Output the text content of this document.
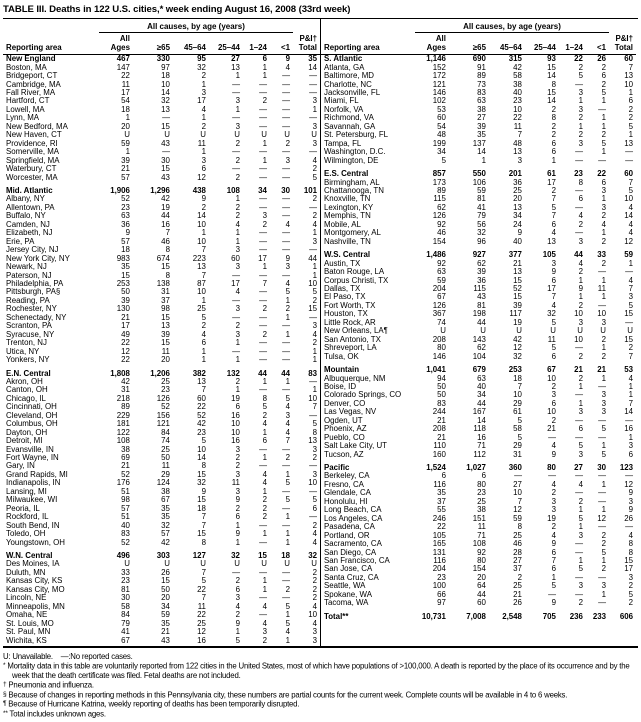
TABLE III. Deaths in 122 U.S. cities,* week ending August 16, 2008 (33rd week)
	All causes, by age (years)						
Reporting area	All
Ages	≥65	45–64	25–44	1–24	<1	P&I†
Total
New England	467	330	95	27	6	9	35
Boston, MA	147	97	32	13	1	4	14
Bridgeport, CT	22	18	2	1	1	—	—
Cambridge, MA	11	10	1	—	—	—	—
Fall River, MA	17	14	3	—	—	—	—
Hartford, CT	54	32	17	3	2	—	3
Lowell, MA	18	13	4	1	—	—	1
Lynn, MA	1	—	1	—	—	—	—
New Bedford, MA	20	15	2	3	—	—	3
New Haven, CT	U	U	U	U	U	U	U
Providence, RI	59	43	11	2	1	2	3
Somerville, MA	1	—	1	—	—	—	—
Springfield, MA	39	30	3	2	1	3	4
Waterbury, CT	21	15	6	—	—	—	2
Worcester, MA	57	43	12	2	—	—	5

Mid. Atlantic	1,906	1,296	438	108	34	30	101
Albany, NY	52	42	9	1	—	—	2
Allentown, PA	23	19	2	2	—	—	—
Buffalo, NY	63	44	14	2	3	—	2
Camden, NJ	36	16	10	4	2	4	4
Elizabeth, NJ	9	7	1	1	—	—	1
Erie, PA	57	46	10	1	—	—	3
Jersey City, NJ	18	8	7	3	—	—	—
New York City, NY	983	674	223	60	17	9	44
Newark, NJ	35	15	13	3	1	3	1
Paterson, NJ	15	8	7	—	—	—	1
Philadelphia, PA	253	138	87	17	7	4	10
Pittsburgh, PA§	50	31	10	4	—	5	5
Reading, PA	39	37	1	—	—	1	2
Rochester, NY	130	98	25	3	2	2	15
Schenectady, NY	21	15	5	—	—	1	—
Scranton, PA	17	13	2	2	—	—	3
Syracuse, NY	49	39	4	3	2	1	4
Trenton, NJ	22	15	6	1	—	—	2
Utica, NY	12	11	1	—	—	—	1
Yonkers, NY	22	20	1	1	—	—	1

E.N. Central	1,808	1,206	382	132	44	44	83
Akron, OH	42	25	13	2	1	1	—
Canton, OH	31	23	7	1	—	—	1
Chicago, IL	218	126	60	19	8	5	10
Cincinnati, OH	89	52	22	6	5	4	7
Cleveland, OH	229	156	52	16	2	3	—
Columbus, OH	181	121	42	10	4	4	5
Dayton, OH	122	84	23	10	1	4	8
Detroit, MI	108	74	5	16	6	7	13
Evansville, IN	38	25	10	3	—	—	3
Fort Wayne, IN	69	50	14	2	1	2	2
Gary, IN	21	11	8	2	—	—	—
Grand Rapids, MI	52	29	15	3	4	1	3
Indianapolis, IN	176	124	32	11	4	5	10
Lansing, MI	51	38	9	3	1	—	—
Milwaukee, WI	98	67	15	9	2	5	5
Peoria, IL	57	35	18	2	2	—	6
Rockford, IL	51	35	7	6	2	1	—
South Bend, IN	40	32	7	1	—	—	2
Toledo, OH	83	57	15	9	1	1	4
Youngstown, OH	52	42	8	1	—	1	4

W.N. Central	496	303	127	32	15	18	32
Des Moines, IA	U	U	U	U	U	U	U
Duluth, MN	33	26	7	—	—	—	2
Kansas City, KS	23	15	5	2	1	—	2
Kansas City, MO	81	50	22	6	1	2	2
Lincoln, NE	30	20	7	3	—	—	2
Minneapolis, MN	58	34	11	4	4	5	4
Omaha, NE	84	59	22	2	—	1	10
St. Louis, MO	79	35	25	9	4	5	4
St. Paul, MN	41	21	12	1	3	4	3
Wichita, KS	67	43	16	5	2	1	3
	All causes, by age (years)						
Reporting area	All
Ages	≥65	45–64	25–44	1–24	<1	P&I†
Total
S. Atlantic	1,146	690	315	93	22	26	60
Atlanta, GA	152	91	42	15	2	2	7
Baltimore, MD	172	89	58	14	5	6	13
Charlotte, NC	121	73	38	8	—	2	10
Jacksonville, FL	146	83	40	15	3	5	1
Miami, FL	102	63	23	14	1	1	6
Norfolk, VA	53	38	10	2	3	—	2
Richmond, VA	60	27	22	8	2	1	2
Savannah, GA	54	39	11	2	1	1	5
St. Petersburg, FL	48	35	7	2	2	2	1
Tampa, FL	199	137	48	6	3	5	13
Washington, D.C.	34	14	13	6	—	1	—
Wilmington, DE	5	1	3	1	—	—	—

E.S. Central	857	550	201	61	23	22	60
Birmingham, AL	173	106	36	17	8	6	7
Chattanooga, TN	89	59	25	2	—	3	5
Knoxville, TN	115	81	20	7	6	1	10
Lexington, KY	62	41	13	5	—	3	4
Memphis, TN	126	79	34	7	4	2	14
Mobile, AL	92	56	24	6	2	4	4
Montgomery, AL	46	32	9	4	—	1	4
Nashville, TN	154	96	40	13	3	2	12

W.S. Central	1,486	927	377	105	44	33	59
Austin, TX	92	62	21	3	4	2	1
Baton Rouge, LA	63	39	13	9	2	—	—
Corpus Christi, TX	59	36	15	6	1	1	4
Dallas, TX	204	115	52	17	9	11	7
El Paso, TX	67	43	15	7	1	1	3
Fort Worth, TX	126	81	39	4	2	—	5
Houston, TX	367	198	117	32	10	10	15
Little Rock, AR	74	44	19	5	3	3	—
New Orleans, LA¶	U	U	U	U	U	U	U
San Antonio, TX	208	143	42	11	10	2	15
Shreveport, LA	80	62	12	5	—	1	2
Tulsa, OK	146	104	32	6	2	2	7

Mountain	1,041	679	253	67	21	21	53
Albuquerque, NM	94	63	18	10	2	1	4
Boise, ID	50	40	7	2	1	—	1
Colorado Springs, CO	50	34	10	3	—	3	1
Denver, CO	83	44	29	6	1	3	7
Las Vegas, NV	244	167	61	10	3	3	14
Ogden, UT	21	14	5	2	—	—	—
Phoenix, AZ	208	118	58	21	6	5	16
Pueblo, CO	21	16	5	—	—	—	1
Salt Lake City, UT	110	71	29	4	5	1	3
Tucson, AZ	160	112	31	9	3	5	6

Pacific	1,524	1,027	360	80	27	30	123
Berkeley, CA	6	6	—	—	—	—	—
Fresno, CA	116	80	27	4	4	1	12
Glendale, CA	35	23	10	2	—	—	9
Honolulu, HI	37	25	7	3	2	—	3
Long Beach, CA	55	38	12	3	1	1	9
Los Angeles, CA	246	151	59	19	5	12	26
Pasadena, CA	22	11	8	2	1	—	—
Portland, OR	105	71	25	4	3	2	4
Sacramento, CA	165	108	46	9	—	2	8
San Diego, CA	131	92	28	6	—	5	8
San Francisco, CA	116	80	27	7	1	1	15
San Jose, CA	204	154	37	6	5	2	17
Santa Cruz, CA	23	20	2	1	—	—	3
Seattle, WA	100	64	25	5	3	3	2
Spokane, WA	66	44	21	—	—	1	5
Tacoma, WA	97	60	26	9	2	—	2

Total**	10,731	7,008	2,548	705	236	233	606
U: Unavailable.    —:No reported cases.
* Mortality data in this table are voluntarily reported from 122 cities in the United States, most of which have populations of >100,000. A death is reported by the place of its occurrence and by the week that the death certificate was filed. Fetal deaths are not included.
† Pneumonia and influenza.
§ Because of changes in reporting methods in this Pennsylvania city, these numbers are partial counts for the current week. Complete counts will be available in 4 to 6 weeks.
¶ Because of Hurricane Katrina, weekly reporting of deaths has been temporarily disrupted.
** Total includes unknown ages.
